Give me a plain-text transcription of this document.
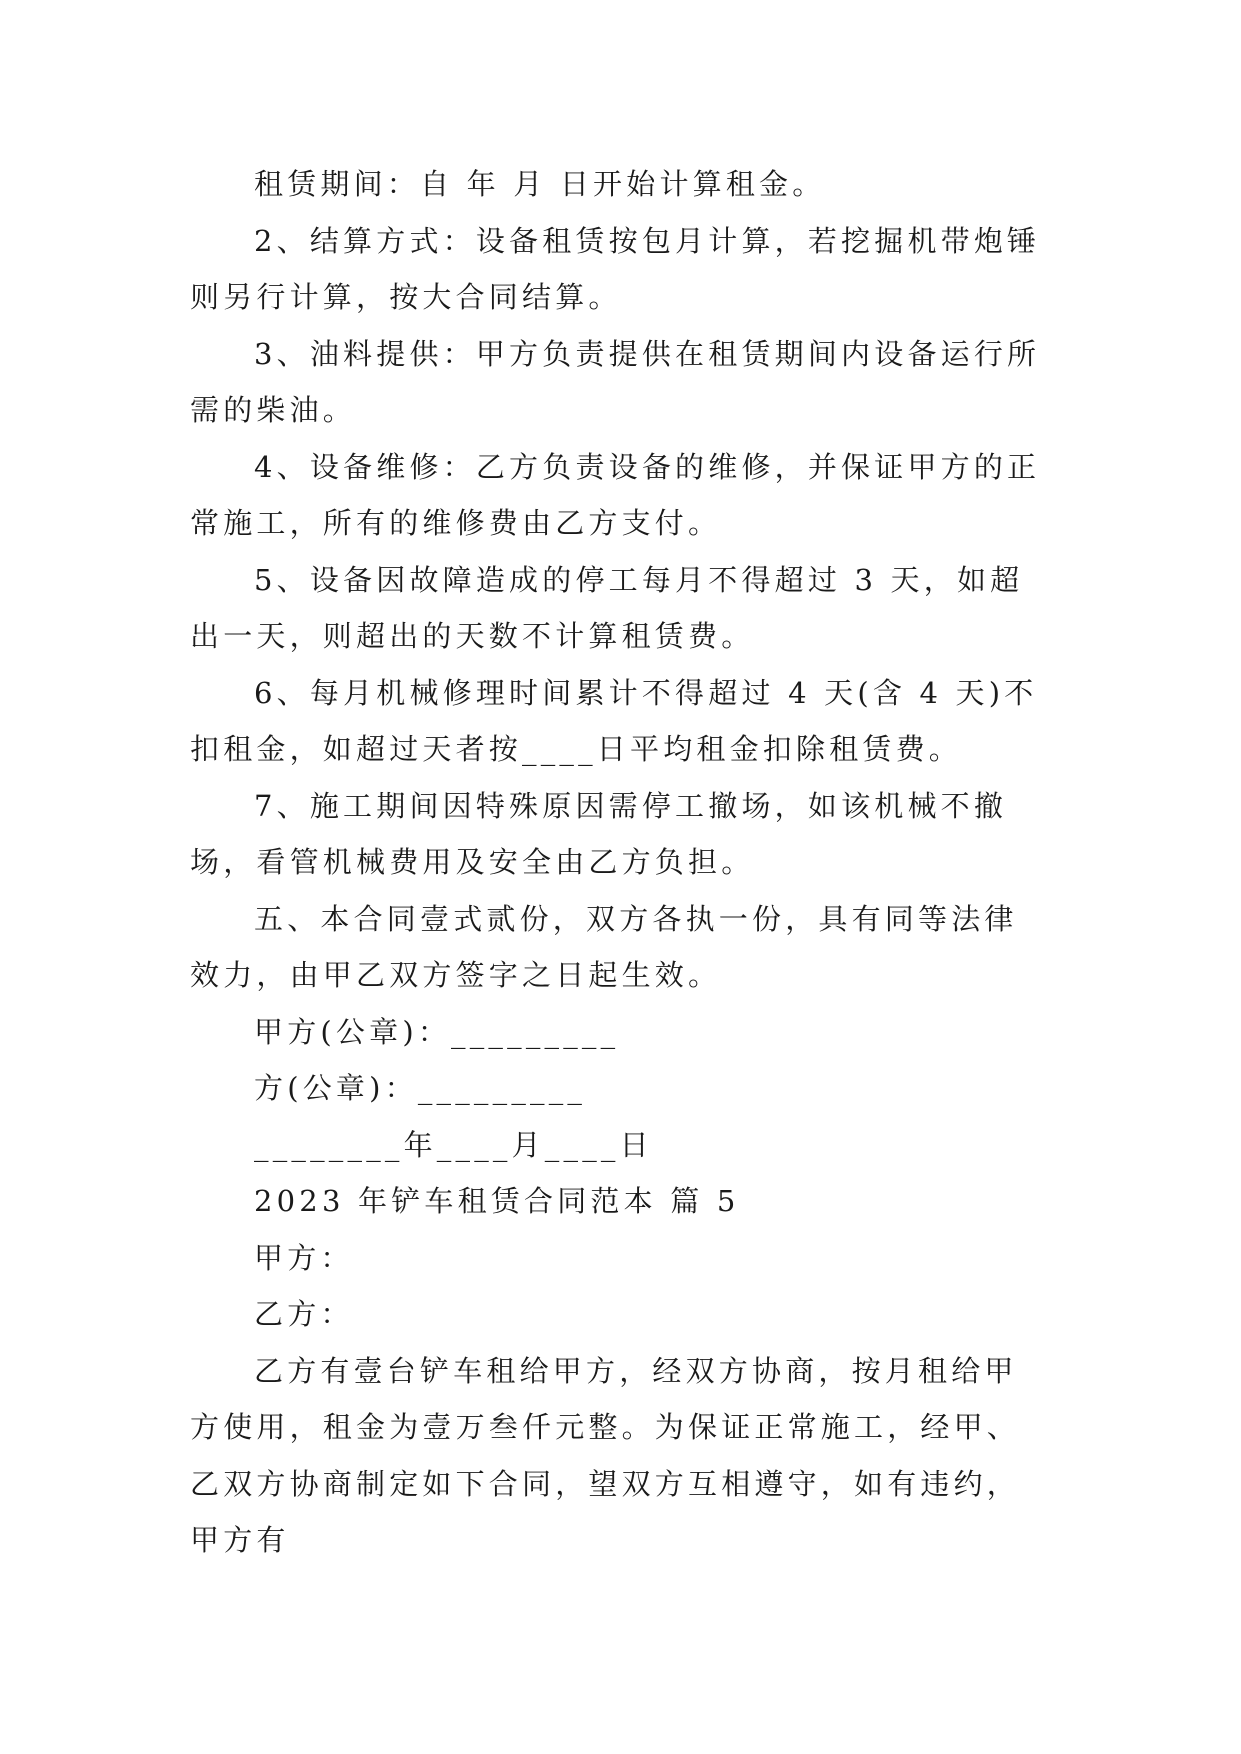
租赁期间：自 年 月 日开始计算租金。

2、结算方式：设备租赁按包月计算，若挖掘机带炮锤则另行计算，按大合同结算。

3、油料提供：甲方负责提供在租赁期间内设备运行所需的柴油。

4、设备维修：乙方负责设备的维修，并保证甲方的正常施工，所有的维修费由乙方支付。

5、设备因故障造成的停工每月不得超过 3 天，如超出一天，则超出的天数不计算租赁费。

6、每月机械修理时间累计不得超过 4 天(含 4 天)不扣租金，如超过天者按____日平均租金扣除租赁费。

7、施工期间因特殊原因需停工撤场，如该机械不撤场，看管机械费用及安全由乙方负担。

五、本合同壹式贰份，双方各执一份，具有同等法律效力，由甲乙双方签字之日起生效。

甲方(公章)：_________

方(公章)：_________

________年____月____日

2023 年铲车租赁合同范本 篇 5

甲方：

乙方：

乙方有壹台铲车租给甲方，经双方协商，按月租给甲方使用，租金为壹万叁仟元整。为保证正常施工，经甲、乙双方协商制定如下合同，望双方互相遵守，如有违约，甲方有
